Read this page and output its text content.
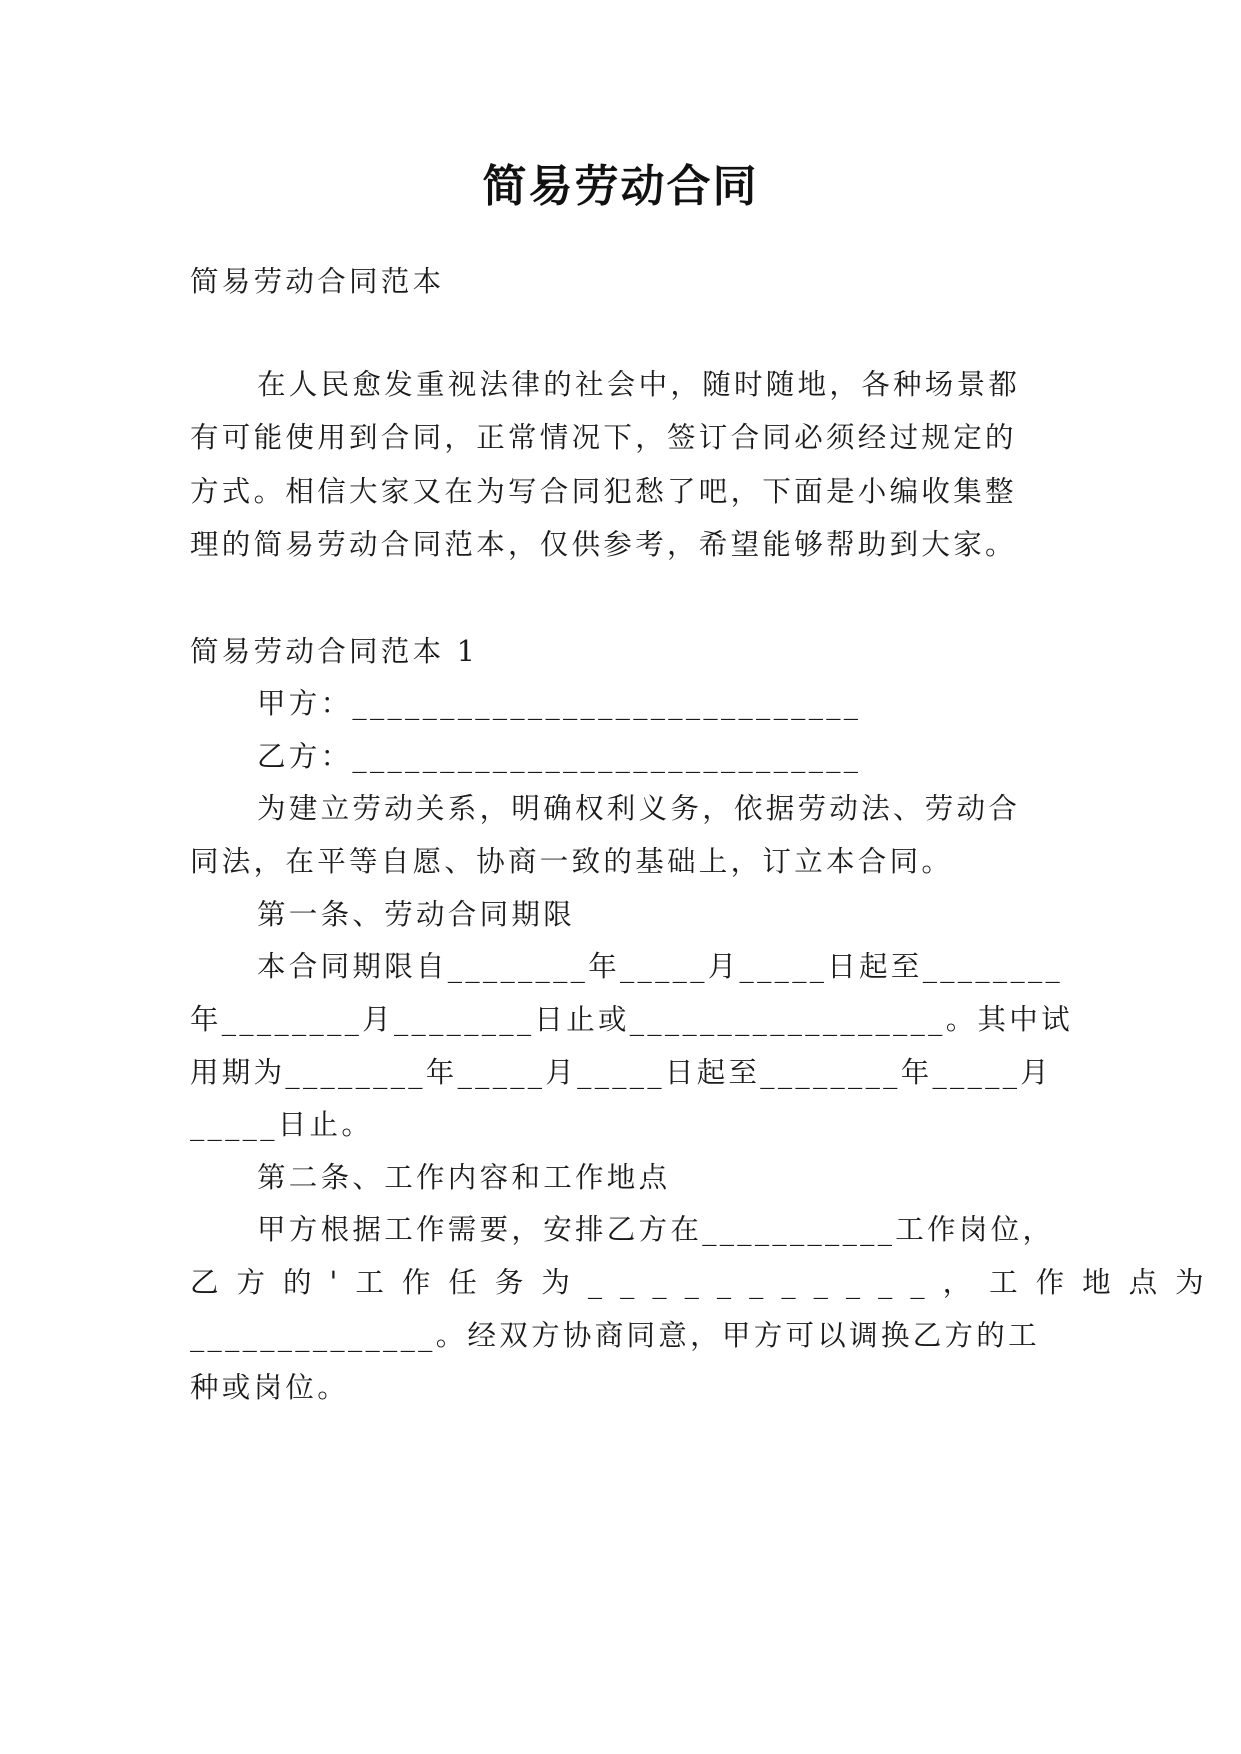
简易劳动合同
简易劳动合同范本
在人民愈发重视法律的社会中，随时随地，各种场景都
有可能使用到合同，正常情况下，签订合同必须经过规定的
方式。相信大家又在为写合同犯愁了吧，下面是小编收集整
理的简易劳动合同范本，仅供参考，希望能够帮助到大家。
简易劳动合同范本 1
甲方：_____________________________
乙方：_____________________________
为建立劳动关系，明确权利义务，依据劳动法、劳动合
同法，在平等自愿、协商一致的基础上，订立本合同。
第一条、劳动合同期限
本合同期限自________年_____月_____日起至________
年________月________日止或__________________。其中试
用期为________年_____月_____日起至________年_____月
_____日止。
第二条、工作内容和工作地点
甲方根据工作需要，安排乙方在___________工作岗位，
乙方的'工作任务为___________，工作地点为
______________。经双方协商同意，甲方可以调换乙方的工
种或岗位。
